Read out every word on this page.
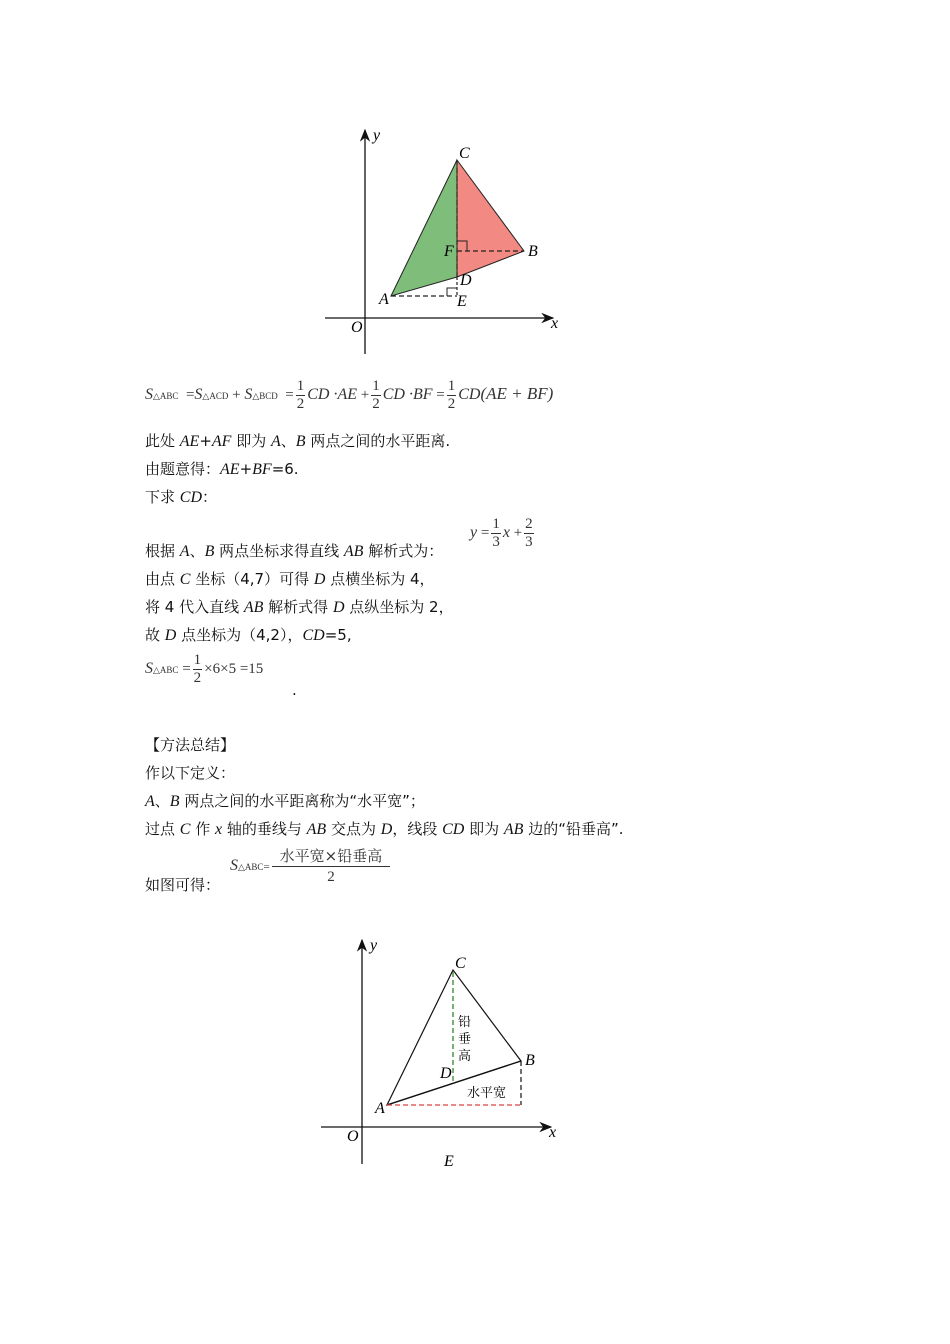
y
x
O
C
B
F
D
A	E
S△ABC =S△ACD + S△BCD = $\frac{1}{2}$ CD $\cdot AE + \frac{1}{2}$ CD $\cdot BF = \frac{1}{2} CD(AE + BF)$
此处 AE+AF 即为 A、B 两点之间的水平距离.
由题意得：AE+BF=6.
下求 CD：
根据 A、B 两点坐标求得直线 AB 解析式为：
$y = \frac{1}{3}$ $x + \frac{2}{3}$
由点 C 坐标（4,7）可得 D 点横坐标为 4，
将 4 代入直线 AB 解析式得 D 点纵坐标为 2，
故 D 点坐标为（4,2），CD=5,
S△ABC = $\frac{1}{2} \times 6\times 5 =15$
.
【方法总结】
作以下定义：
A、B 两点之间的水平距离称为“水平宽”；
过点 C 作 x 轴的垂线与 AB 交点为 D，线段 CD 即为 AB 边的“铅垂高”.
如图可得：
S△ABC= $\frac{\text{水平宽×铅垂高}}{2}$
y
x
O
C
B
D
A
E
铅
垂
高
水平宽
